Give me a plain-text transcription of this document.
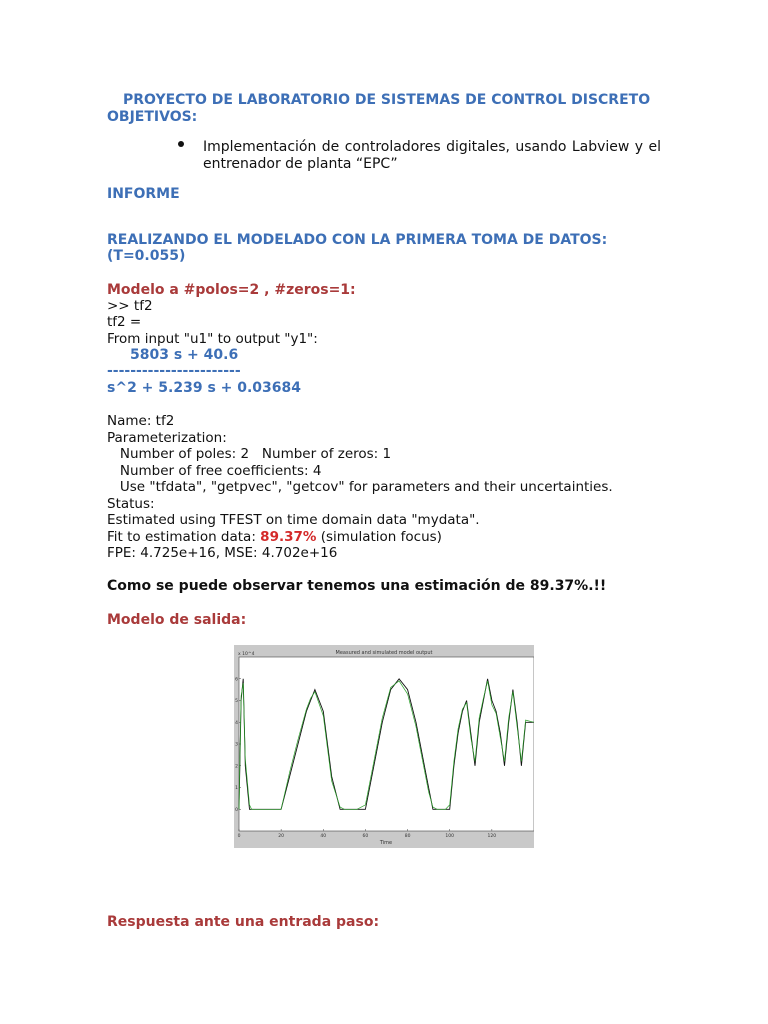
PROYECTO DE LABORATORIO DE SISTEMAS DE CONTROL DISCRETO
OBJETIVOS:
Implementación de controladores digitales, usando Labview y el entrenador de planta “EPC”
INFORME
REALIZANDO EL MODELADO CON LA PRIMERA TOMA DE DATOS:
(T=0.055)
Modelo a #polos=2 , #zeros=1:
>> tf2
tf2 =
From input "u1" to output "y1":
5803 s + 40.6
-----------------------
s^2 + 5.239 s + 0.03684
Name: tf2
Parameterization:
Number of poles: 2   Number of zeros: 1
Number of free coefficients: 4
Use "tfdata", "getpvec", "getcov" for parameters and their uncertainties.
Status:
Estimated using TFEST on time domain data "mydata".
Fit to estimation data: 89.37% (simulation focus)
FPE: 4.725e+16, MSE: 4.702e+16
Como se puede observar tenemos una estimación de 89.37%.!!
Modelo de salida:
Measured and simulated model output
x 10^4
0	20	40	60	80	100	120
0
1
2
3
4
5
6
Time
Respuesta ante una entrada paso:
